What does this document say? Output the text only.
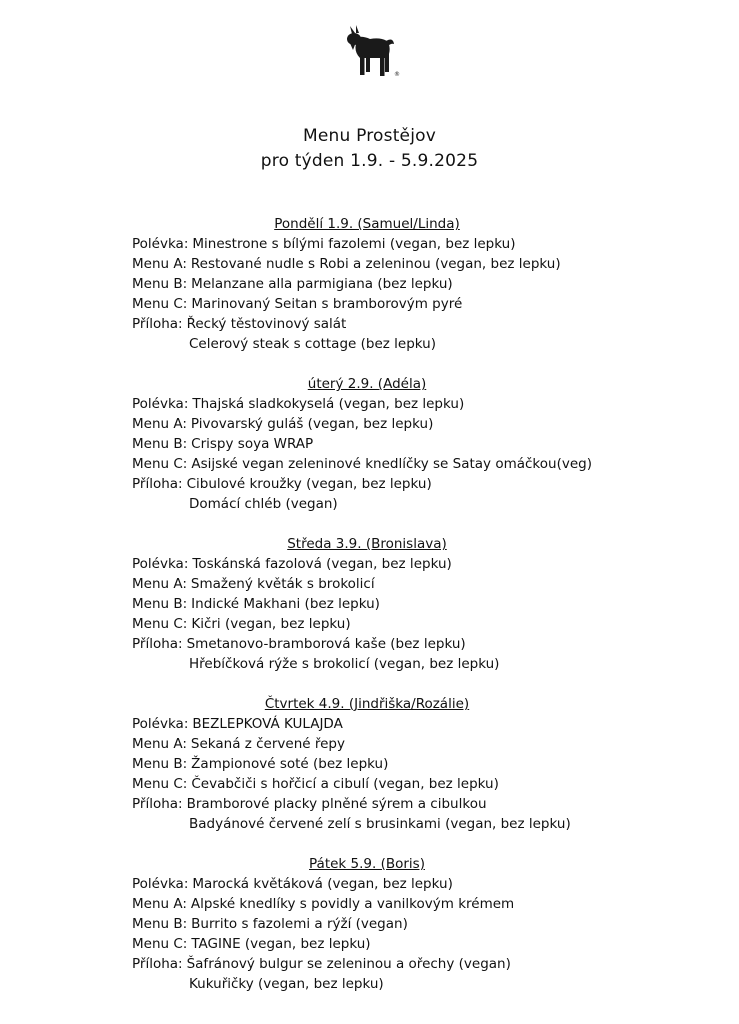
®
Menu Prostějov
pro týden 1.9. - 5.9.2025
Pondělí 1.9. (Samuel/Linda)
Polévka: Minestrone s bílými fazolemi (vegan, bez lepku)
Menu A: Restované nudle s Robi a zeleninou (vegan, bez lepku)
Menu B: Melanzane alla parmigiana (bez lepku)
Menu C: Marinovaný Seitan s bramborovým pyré
Příloha: Řecký těstovinový salát
Celerový steak s cottage (bez lepku)
úterý 2.9. (Adéla)
Polévka: Thajská sladkokyselá (vegan, bez lepku)
Menu A: Pivovarský guláš (vegan, bez lepku)
Menu B: Crispy soya WRAP
Menu C: Asijské vegan zeleninové knedlíčky se Satay omáčkou(veg)
Příloha: Cibulové kroužky (vegan, bez lepku)
Domácí chléb (vegan)
Středa 3.9. (Bronislava)
Polévka: Toskánská fazolová (vegan, bez lepku)
Menu A: Smažený květák s brokolicí
Menu B: Indické Makhani (bez lepku)
Menu C: Kičri (vegan, bez lepku)
Příloha: Smetanovo-bramborová kaše (bez lepku)
Hřebíčková rýže s brokolicí (vegan, bez lepku)
Čtvrtek 4.9. (Jindřiška/Rozálie)
Polévka: BEZLEPKOVÁ KULAJDA
Menu A: Sekaná z červené řepy
Menu B: Žampionové soté (bez lepku)
Menu C: Čevabčiči s hořčicí a cibulí (vegan, bez lepku)
Příloha: Bramborové placky plněné sýrem a cibulkou
Badyánové červené zelí s brusinkami (vegan, bez lepku)
Pátek 5.9. (Boris)
Polévka: Marocká květáková (vegan, bez lepku)
Menu A: Alpské knedlíky s povidly a vanilkovým krémem
Menu B: Burrito s fazolemi a rýží (vegan)
Menu C: TAGINE (vegan, bez lepku)
Příloha: Šafránový bulgur se zeleninou a ořechy (vegan)
Kukuřičky (vegan, bez lepku)
